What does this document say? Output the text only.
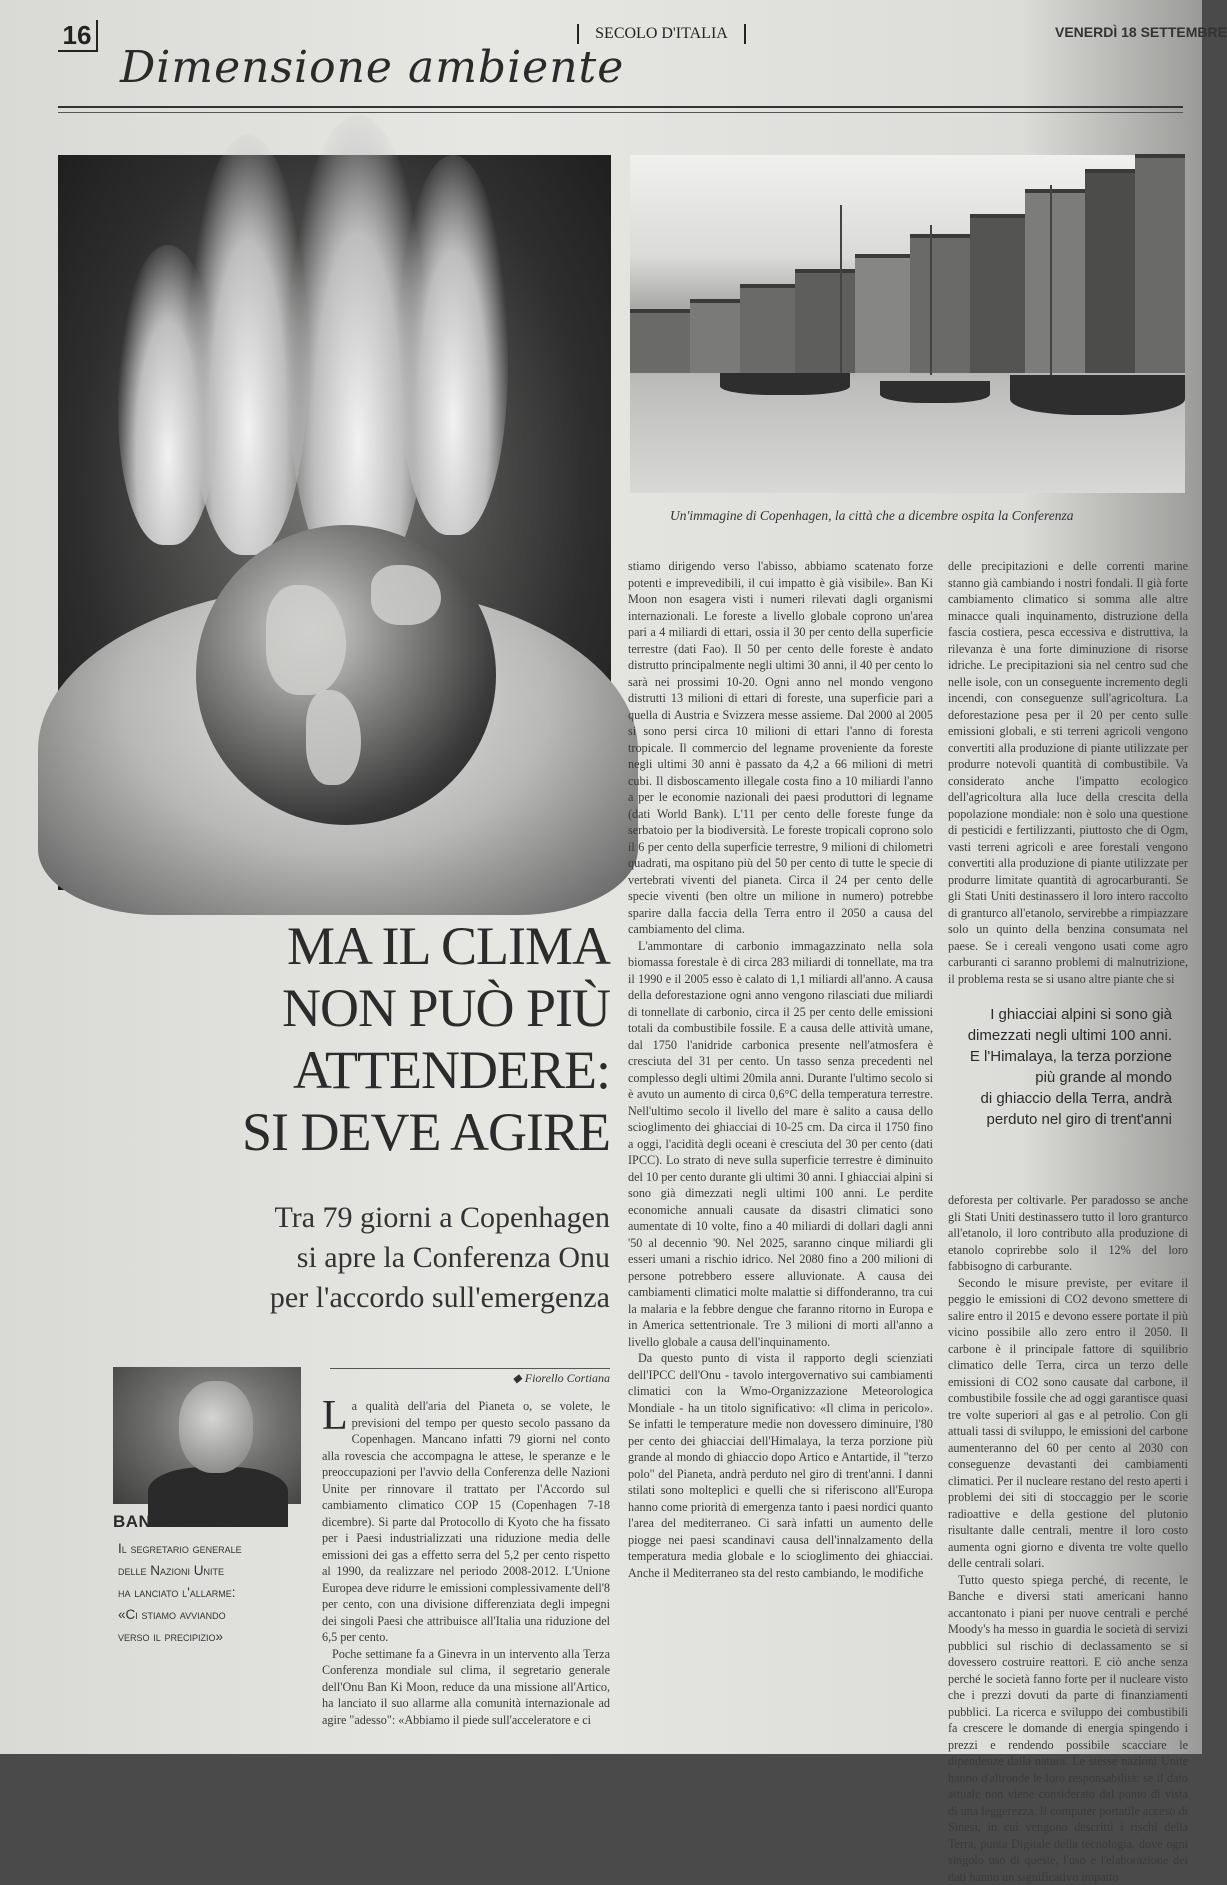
16
Dimensione ambiente
SECOLO D'ITALIA	VENERDÌ 18 SETTEMBRE
Un'immagine di Copenhagen, la città che a dicembre ospita la Conferenza
MA IL CLIMA
NON PUÒ PIÙ
ATTENDERE:
SI DEVE AGIRE
Tra 79 giorni a Copenhagen
si apre la Conferenza Onu
per l'accordo sull'emergenza
BAN KI MOON
Il segretario generale
delle Nazioni Unite
ha lanciato l'allarme:
«Ci stiamo avviando
verso il precipizio»
◆ Fiorello Cortiana

La qualità dell'aria del Pianeta o, se volete, le previsioni del tempo per questo secolo passano da Copenhagen. Mancano infatti 79 giorni nel conto alla rovescia che accompagna le attese, le speranze e le preoccupazioni per l'avvio della Conferenza delle Nazioni Unite per rinnovare il trattato per l'Accordo sul cambiamento climatico COP 15 (Copenhagen 7-18 dicembre). Si parte dal Protocollo di Kyoto che ha fissato per i Paesi industrializzati una riduzione media delle emissioni dei gas a effetto serra del 5,2 per cento rispetto al 1990, da realizzare nel periodo 2008-2012. L'Unione Europea deve ridurre le emissioni complessivamente dell'8 per cento, con una divisione differenziata degli impegni dei singoli Paesi che attribuisce all'Italia una riduzione del 6,5 per cento.

Poche settimane fa a Ginevra in un intervento alla Terza Conferenza mondiale sul clima, il segretario generale dell'Onu Ban Ki Moon, reduce da una missione all'Artico, ha lanciato il suo allarme alla comunità internazionale ad agire "adesso": «Abbiamo il piede sull'acceleratore e ci

stiamo dirigendo verso l'abisso, abbiamo scatenato forze potenti e imprevedibili, il cui impatto è già visibile». Ban Ki Moon non esagera visti i numeri rilevati dagli organismi internazionali. Le foreste a livello globale coprono un'area pari a 4 miliardi di ettari, ossia il 30 per cento della superficie terrestre (dati Fao). Il 50 per cento delle foreste è andato distrutto principalmente negli ultimi 30 anni, il 40 per cento lo sarà nei prossimi 10-20. Ogni anno nel mondo vengono distrutti 13 milioni di ettari di foreste, una superficie pari a quella di Austria e Svizzera messe assieme. Dal 2000 al 2005 si sono persi circa 10 milioni di ettari l'anno di foresta tropicale. Il commercio del legname proveniente da foreste negli ultimi 30 anni è passato da 4,2 a 66 milioni di metri cubi. Il disboscamento illegale costa fino a 10 miliardi l'anno a per le economie nazionali dei paesi produttori di legname (dati World Bank). L'11 per cento delle foreste funge da serbatoio per la biodiversità. Le foreste tropicali coprono solo il 6 per cento della superficie terrestre, 9 milioni di chilometri quadrati, ma ospitano più del 50 per cento di tutte le specie di vertebrati viventi del pianeta. Circa il 24 per cento delle specie viventi (ben oltre un milione in numero) potrebbe sparire dalla faccia della Terra entro il 2050 a causa del cambiamento del clima.

L'ammontare di carbonio immagazzinato nella sola biomassa forestale è di circa 283 miliardi di tonnellate, ma tra il 1990 e il 2005 esso è calato di 1,1 miliardi all'anno. A causa della deforestazione ogni anno vengono rilasciati due miliardi di tonnellate di carbonio, circa il 25 per cento delle emissioni totali da combustibile fossile. E a causa delle attività umane, dal 1750 l'anidride carbonica presente nell'atmosfera è cresciuta del 31 per cento. Un tasso senza precedenti nel complesso degli ultimi 20mila anni. Durante l'ultimo secolo si è avuto un aumento di circa 0,6°C della temperatura terrestre. Nell'ultimo secolo il livello del mare è salito a causa dello scioglimento dei ghiacciai di 10-25 cm. Da circa il 1750 fino a oggi, l'acidità degli oceani è cresciuta del 30 per cento (dati IPCC). Lo strato di neve sulla superficie terrestre è diminuito del 10 per cento durante gli ultimi 30 anni. I ghiacciai alpini si sono già dimezzati negli ultimi 100 anni. Le perdite economiche annuali causate da disastri climatici sono aumentate di 10 volte, fino a 40 miliardi di dollari dagli anni '50 al decennio '90. Nel 2025, saranno cinque miliardi gli esseri umani a rischio idrico. Nel 2080 fino a 200 milioni di persone potrebbero essere alluvionate. A causa dei cambiamenti climatici molte malattie si diffonderanno, tra cui la malaria e la febbre dengue che faranno ritorno in Europa e in America settentrionale. Tre 3 milioni di morti all'anno a livello globale a causa dell'inquinamento.

Da questo punto di vista il rapporto degli scienziati dell'IPCC dell'Onu - tavolo intergovernativo sui cambiamenti climatici con la Wmo-Organizzazione Meteorologica Mondiale - ha un titolo significativo: «Il clima in pericolo». Se infatti le temperature medie non dovessero diminuire, l'80 per cento dei ghiacciai dell'Himalaya, la terza porzione più grande al mondo di ghiaccio dopo Artico e Antartide, il "terzo polo" del Pianeta, andrà perduto nel giro di trent'anni. I danni stilati sono molteplici e quelli che si riferiscono all'Europa hanno come priorità di emergenza tanto i paesi nordici quanto l'area del mediterraneo. Ci sarà infatti un aumento delle piogge nei paesi scandinavi causa dell'innalzamento della temperatura media globale e lo scioglimento dei ghiacciai. Anche il Mediterraneo sta del resto cambiando, le modifiche

delle precipitazioni e delle correnti marine stanno già cambiando i nostri fondali. Il già forte cambiamento climatico si somma alle altre minacce quali inquinamento, distruzione della fascia costiera, pesca eccessiva e distruttiva, la rilevanza è una forte diminuzione di risorse idriche. Le precipitazioni sia nel centro sud che nelle isole, con un conseguente incremento degli incendi, con conseguenze sull'agricoltura. La deforestazione pesa per il 20 per cento sulle emissioni globali, e sti terreni agricoli vengono convertiti alla produzione di piante utilizzate per produrre notevoli quantità di combustibile. Va considerato anche l'impatto ecologico dell'agricoltura alla luce della crescita della popolazione mondiale: non è solo una questione di pesticidi e fertilizzanti, piuttosto che di Ogm, vasti terreni agricoli e aree forestali vengono convertiti alla produzione di piante utilizzate per produrre limitate quantità di agrocarburanti. Se gli Stati Uniti destinassero il loro intero raccolto di granturco all'etanolo, servirebbe a rimpiazzare solo un quinto della benzina consumata nel paese. Se i cereali vengono usati come agro carburanti ci saranno problemi di malnutrizione, il problema resta se si usano altre piante che si

I ghiacciai alpini si sono già
dimezzati negli ultimi 100 anni.
E l'Himalaya, la terza porzione
più grande al mondo
di ghiaccio della Terra, andrà
perduto nel giro di trent'anni

deforesta per coltivarle. Per paradosso se anche gli Stati Uniti destinassero tutto il loro granturco all'etanolo, il loro contributo alla produzione di etanolo coprirebbe solo il 12% del loro fabbisogno di carburante.

Secondo le misure previste, per evitare il peggio le emissioni di CO2 devono smettere di salire entro il 2015 e devono essere portate il più vicino possibile allo zero entro il 2050. Il carbone è il principale fattore di squilibrio climatico delle Terra, circa un terzo delle emissioni di CO2 sono causate dal carbone, il combustibile fossile che ad oggi garantisce quasi tre volte superiori al gas e al petrolio. Con gli attuali tassi di sviluppo, le emissioni del carbone aumenteranno del 60 per cento al 2030 con conseguenze devastanti dei cambiamenti climatici. Per il nucleare restano del resto aperti i problemi dei siti di stoccaggio per le scorie radioattive e della gestione del plutonio risultante dalle centrali, mentre il loro costo aumenta ogni giorno e diventa tre volte quello delle centrali solari.

Tutto questo spiega perché, di recente, le Banche e diversi stati americani hanno accantonato i piani per nuove centrali e perché Moody's ha messo in guardia le società di servizi pubblici sul rischio di declassamento se si dovessero costruire reattori. E ciò anche senza perché le società fanno forte per il nucleare visto che i prezzi dovuti da parte di finanziamenti pubblici. La ricerca e sviluppo dei combustibili fa crescere le domande di energia spingendo i prezzi e rendendo possibile scacciare le dipendenze dalla natura. Le stesse nazioni Unite hanno d'altronde le loro responsabilità: se il dato attuale non viene considerato dal punto di vista di una leggerezza. Il computer portatile acceso di Sinesi, in cui vengono descritti i rischi della Terra, punta Digitale della tecnologia, dove ogni singolo uso di queste, l'uso e l'elaborazione dei dati hanno un significativo impatto
